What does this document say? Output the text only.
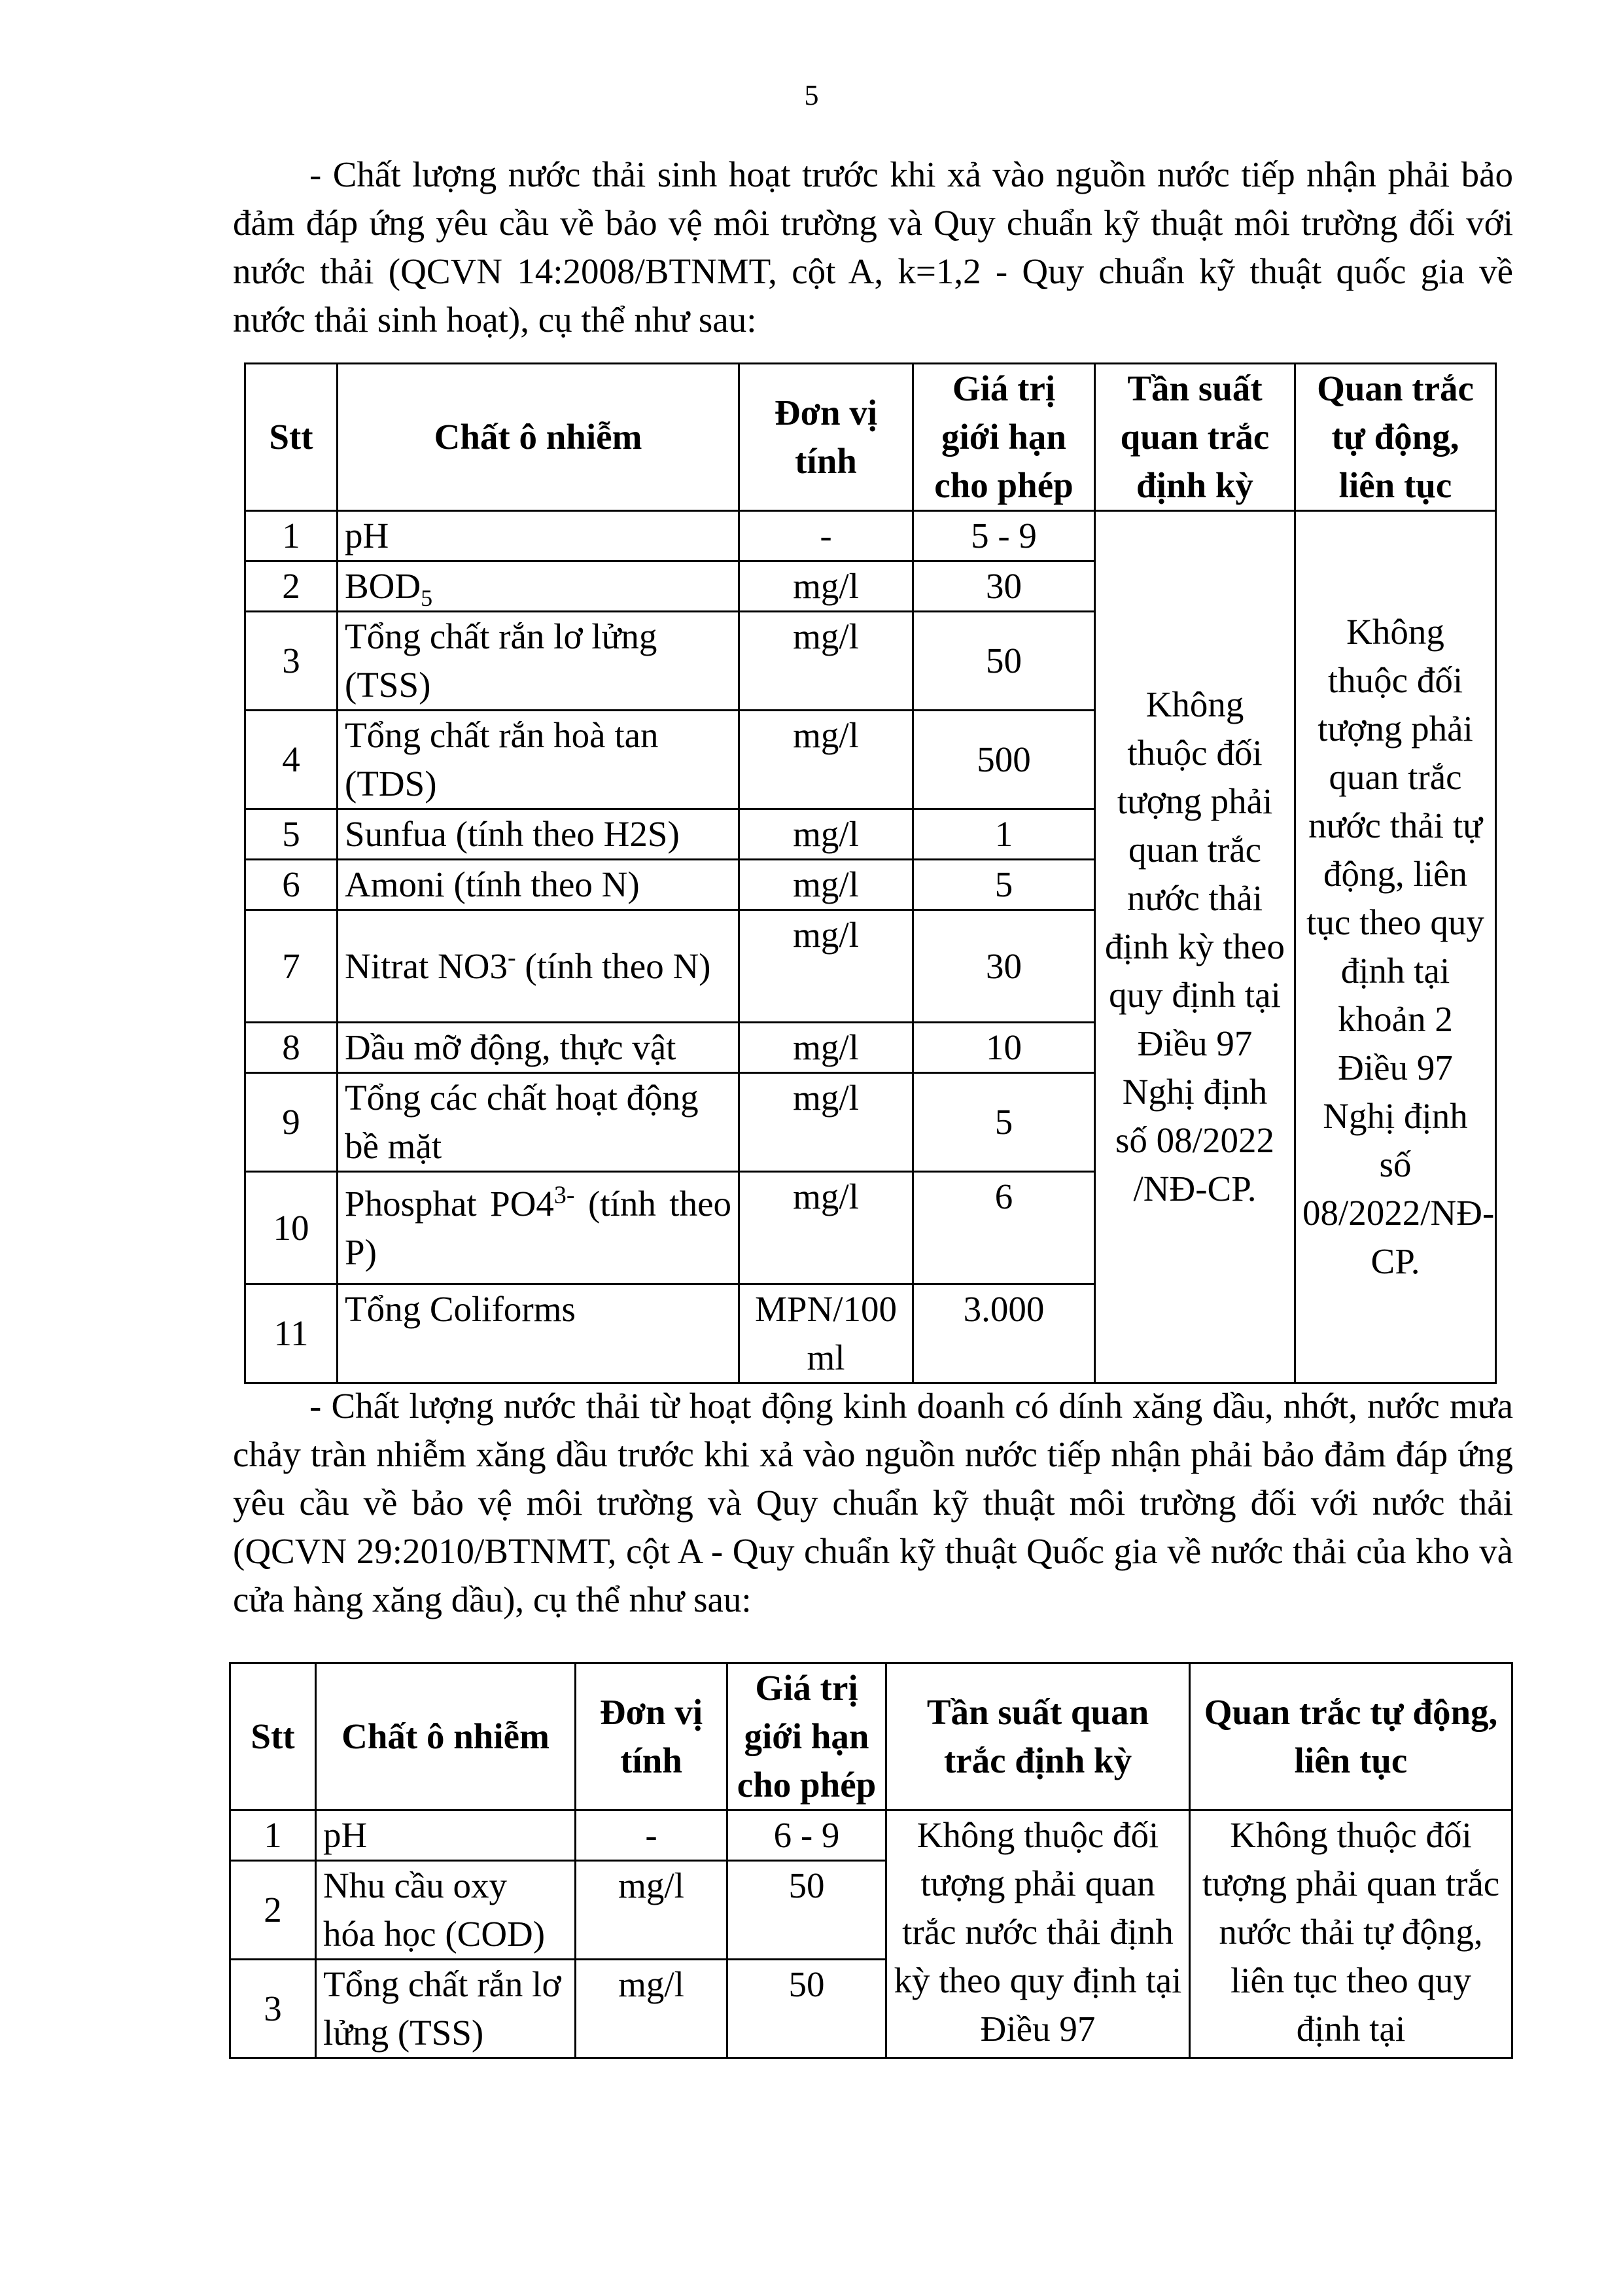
5

- Chất lượng nước thải sinh hoạt trước khi xả vào nguồn nước tiếp nhận phải bảo đảm đáp ứng yêu cầu về bảo vệ môi trường và Quy chuẩn kỹ thuật môi trường đối với nước thải (QCVN 14:2008/BTNMT, cột A, k=1,2 - Quy chuẩn kỹ thuật quốc gia về nước thải sinh hoạt), cụ thể như sau:

Stt	Chất ô nhiễm	Đơn vị tính	Giá trị giới hạn cho phép	Tần suất quan trắc định kỳ	Quan trắc tự động, liên tục
1	pH	-	5 - 9	Không thuộc đối tượng phải quan trắc nước thải định kỳ theo quy định tại Điều 97 Nghị định số 08/2022 /NĐ-CP.	Không thuộc đối tượng phải quan trắc nước thải tự động, liên tục theo quy định tại khoản 2 Điều 97 Nghị định số 08/2022/NĐ-CP.
2	$BOD_5$	mg/l	30		
3	Tổng chất rắn lơ lửng (TSS)	mg/l	50		
4	Tổng chất rắn hoà tan (TDS)	mg/l	500		
5	Sunfua (tính theo H2S)	mg/l	1		
6	Amoni (tính theo N)	mg/l	5		
7	Nitrat NO3- (tính theo N)	mg/l	30		
8	Dầu mỡ động, thực vật	mg/l	10		
9	Tổng các chất hoạt động bề mặt	mg/l	5		
10	Phosphat $PO4^{3-}$ (tính theo P)	mg/l	6		
11	Tổng Coliforms	MPN/100ml	3.000		

- Chất lượng nước thải từ hoạt động kinh doanh có dính xăng dầu, nhớt, nước mưa chảy tràn nhiễm xăng dầu trước khi xả vào nguồn nước tiếp nhận phải bảo đảm đáp ứng yêu cầu về bảo vệ môi trường và Quy chuẩn kỹ thuật môi trường đối với nước thải (QCVN 29:2010/BTNMT, cột A - Quy chuẩn kỹ thuật Quốc gia về nước thải của kho và cửa hàng xăng dầu), cụ thể như sau:

Stt	Chất ô nhiễm	Đơn vị tính	Giá trị giới hạn cho phép	Tần suất quan trắc định kỳ	Quan trắc tự động, liên tục
1	pH	-	6 - 9	Không thuộc đối tượng phải quan trắc nước thải định kỳ theo quy định tại Điều 97	Không thuộc đối tượng phải quan trắc nước thải tự động, liên tục theo quy định tại
2	Nhu cầu oxy hóa học (COD)	mg/l	50		
3	Tổng chất rắn lơ lửng (TSS)	mg/l	50		
